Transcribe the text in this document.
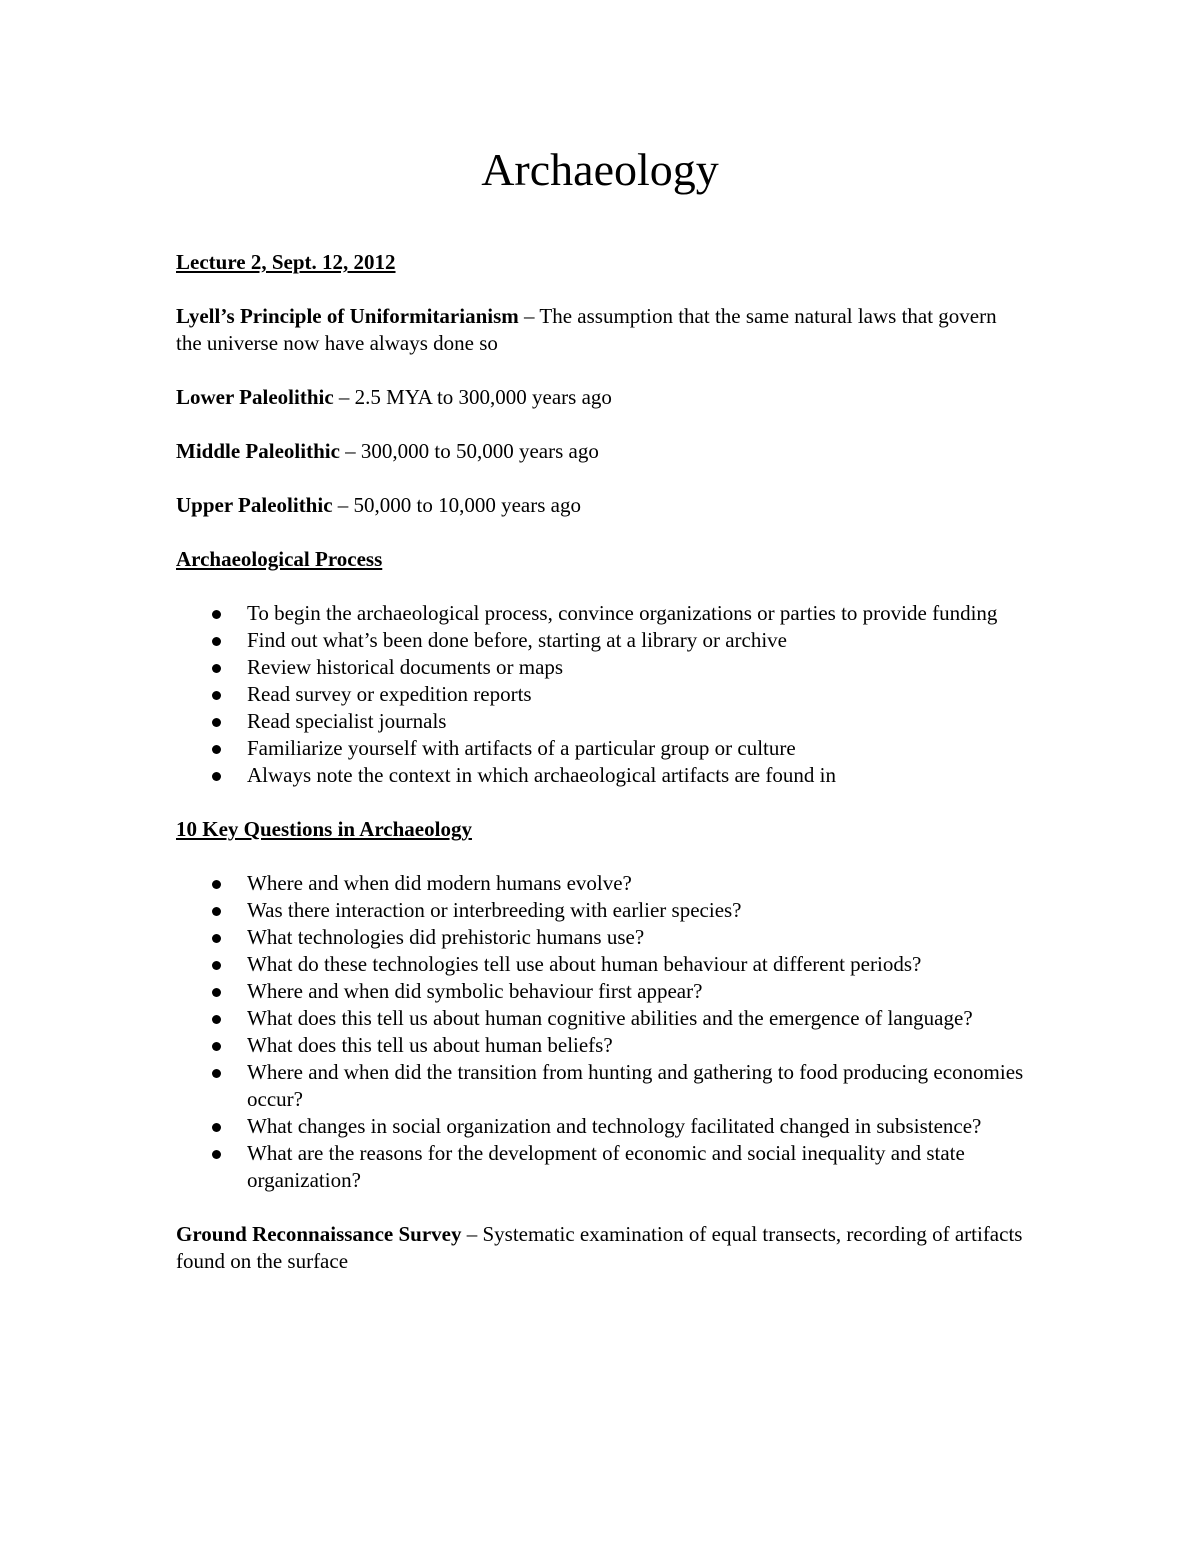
Archaeology
Lecture 2, Sept. 12, 2012
Lyell’s Principle of Uniformitarianism – The assumption that the same natural laws that govern the universe now have always done so
Lower Paleolithic – 2.5 MYA to 300,000 years ago
Middle Paleolithic – 300,000 to 50,000 years ago
Upper Paleolithic – 50,000 to 10,000 years ago
Archaeological Process
To begin the archaeological process, convince organizations or parties to provide funding
Find out what’s been done before, starting at a library or archive
Review historical documents or maps
Read survey or expedition reports
Read specialist journals
Familiarize yourself with artifacts of a particular group or culture
Always note the context in which archaeological artifacts are found in
10 Key Questions in Archaeology
Where and when did modern humans evolve?
Was there interaction or interbreeding with earlier species?
What technologies did prehistoric humans use?
What do these technologies tell use about human behaviour at different periods?
Where and when did symbolic behaviour first appear?
What does this tell us about human cognitive abilities and the emergence of language?
What does this tell us about human beliefs?
Where and when did the transition from hunting and gathering to food producing economies occur?
What changes in social organization and technology facilitated changed in subsistence?
What are the reasons for the development of economic and social inequality and state organization?
Ground Reconnaissance Survey – Systematic examination of equal transects, recording of artifacts found on the surface
